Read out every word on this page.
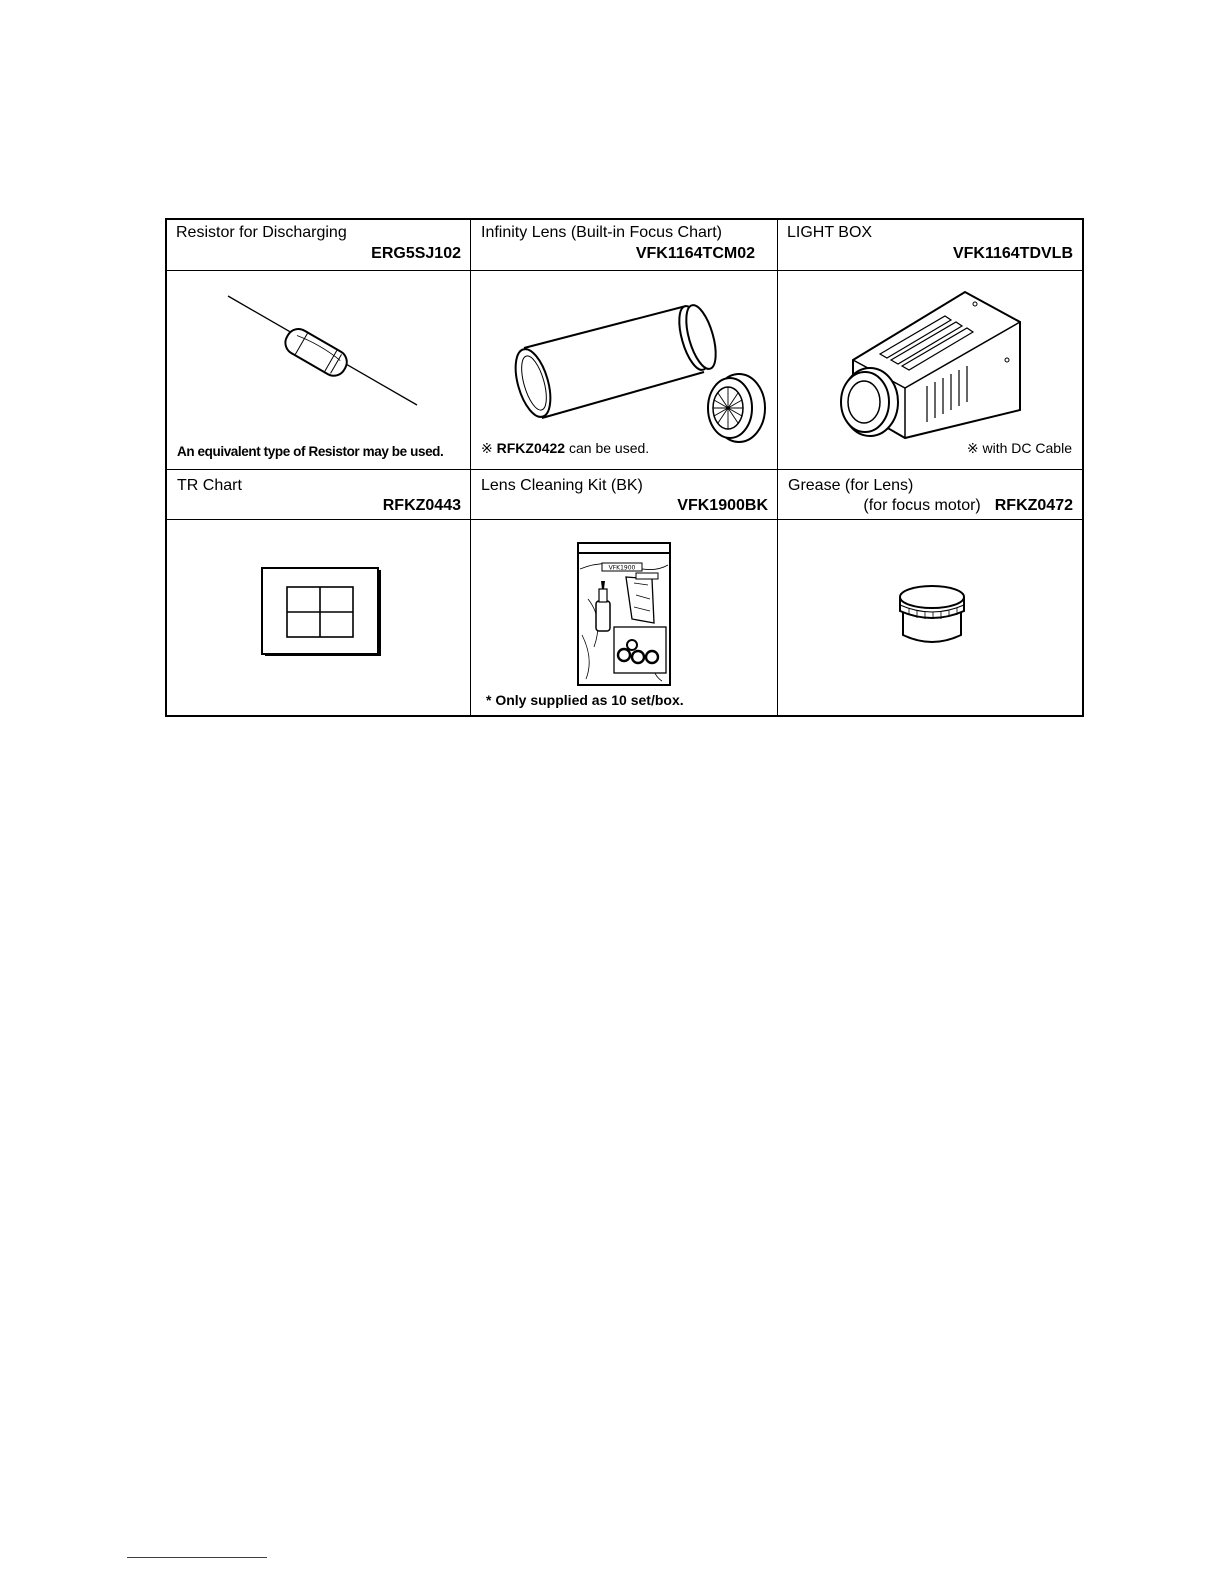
Resistor for Discharging
ERG5SJ102
Infinity Lens (Built-in Focus Chart)
VFK1164TCM02
LIGHT BOX
VFK1164TDVLB
An equivalent type of Resistor may be used.	※ RFKZ0422 can be used.	※ with DC Cable
TR Chart
RFKZ0443
Lens Cleaning Kit (BK)
VFK1900BK
Grease (for Lens)
(for focus motor) RFKZ0472
VFK1900
* Only supplied as 10 set/box.
